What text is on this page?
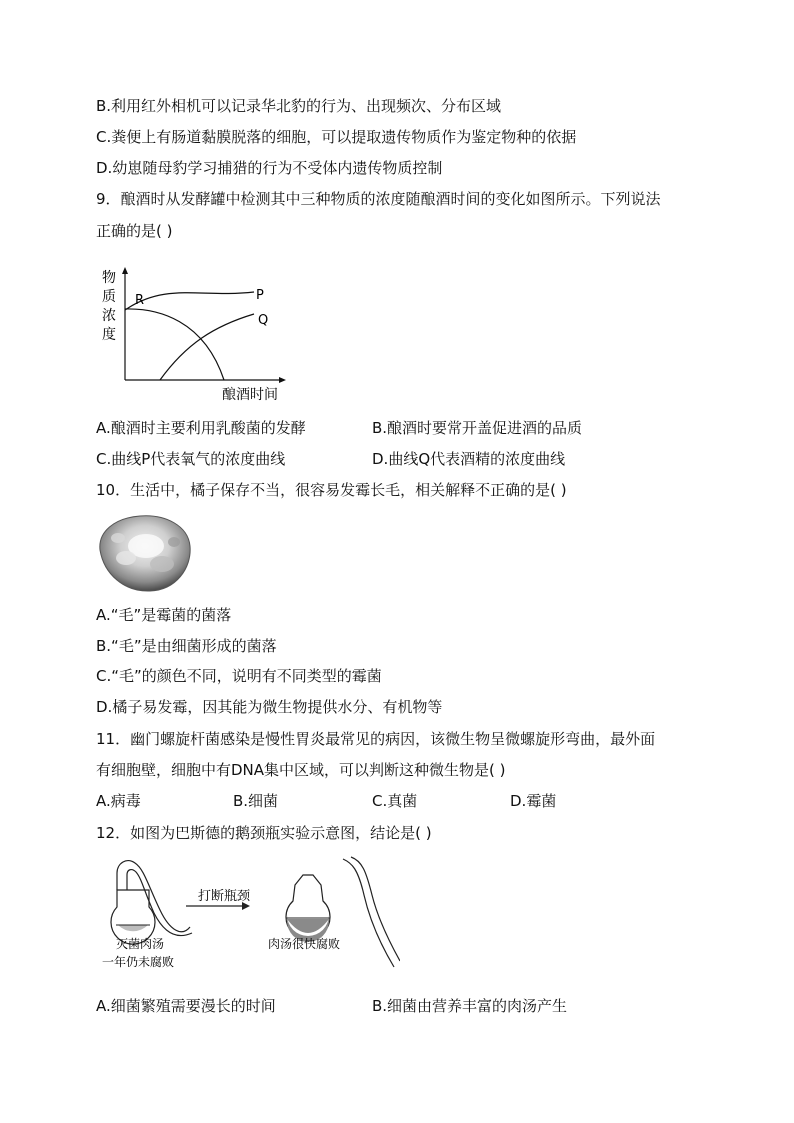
B.利用红外相机可以记录华北豹的行为、出现频次、分布区域
C.粪便上有肠道黏膜脱落的细胞，可以提取遗传物质作为鉴定物种的依据
D.幼崽随母豹学习捕猎的行为不受体内遗传物质控制
9．酿酒时从发酵罐中检测其中三种物质的浓度随酿酒时间的变化如图所示。下列说法
正确的是( )
物
质
浓
度
R	P
Q
酿酒时间
A.酿酒时主要利用乳酸菌的发酵	B.酿酒时要常开盖促进酒的品质
C.曲线P代表氧气的浓度曲线	D.曲线Q代表酒精的浓度曲线
10．生活中，橘子保存不当，很容易发霉长毛，相关解释不正确的是( )
A.“毛”是霉菌的菌落
B.“毛”是由细菌形成的菌落
C.“毛”的颜色不同，说明有不同类型的霉菌
D.橘子易发霉，因其能为微生物提供水分、有机物等
11．幽门螺旋杆菌感染是慢性胃炎最常见的病因，该微生物呈微螺旋形弯曲，最外面
有细胞壁，细胞中有DNA集中区域，可以判断这种微生物是( )
A.病毒	B.细菌	C.真菌	D.霉菌
12．如图为巴斯德的鹅颈瓶实验示意图，结论是( )
打断瓶颈
灭菌肉汤
一年仍未腐败
肉汤很快腐败
A.细菌繁殖需要漫长的时间	B.细菌由营养丰富的肉汤产生
